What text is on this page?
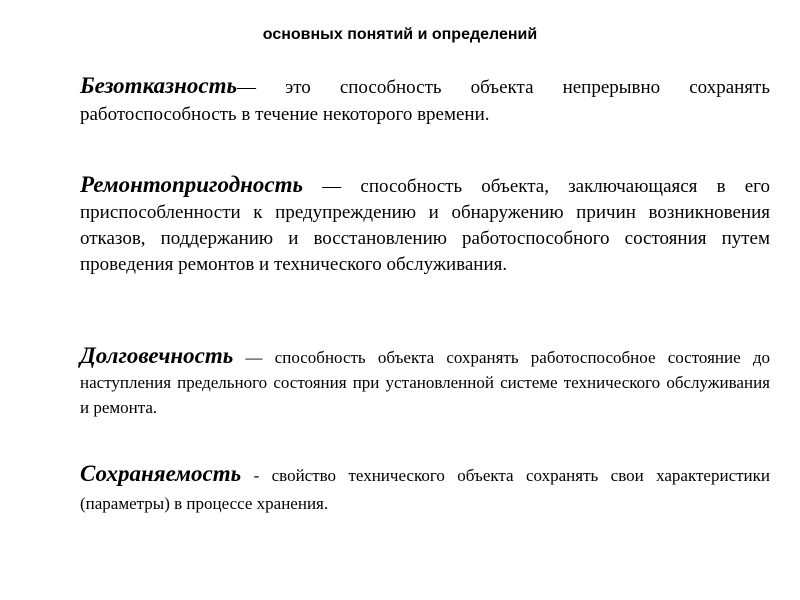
основных понятий и определений

Безотказность— это способность объекта непрерывно сохранять работоспособность в течение некоторого времени.

Ремонтопригодность — способность объекта, заключающаяся в его приспособленности к предупреждению и обнаружению причин возникновения отказов, поддержанию и восстановлению работоспособного состояния путем проведения ремонтов и технического обслуживания.

Долговечность — способность объекта сохранять работоспособное состояние до наступления предельного состояния при установленной системе технического обслуживания и ремонта.

Сохраняемость - свойство технического объекта сохранять свои характеристики (параметры) в процессе хранения.
